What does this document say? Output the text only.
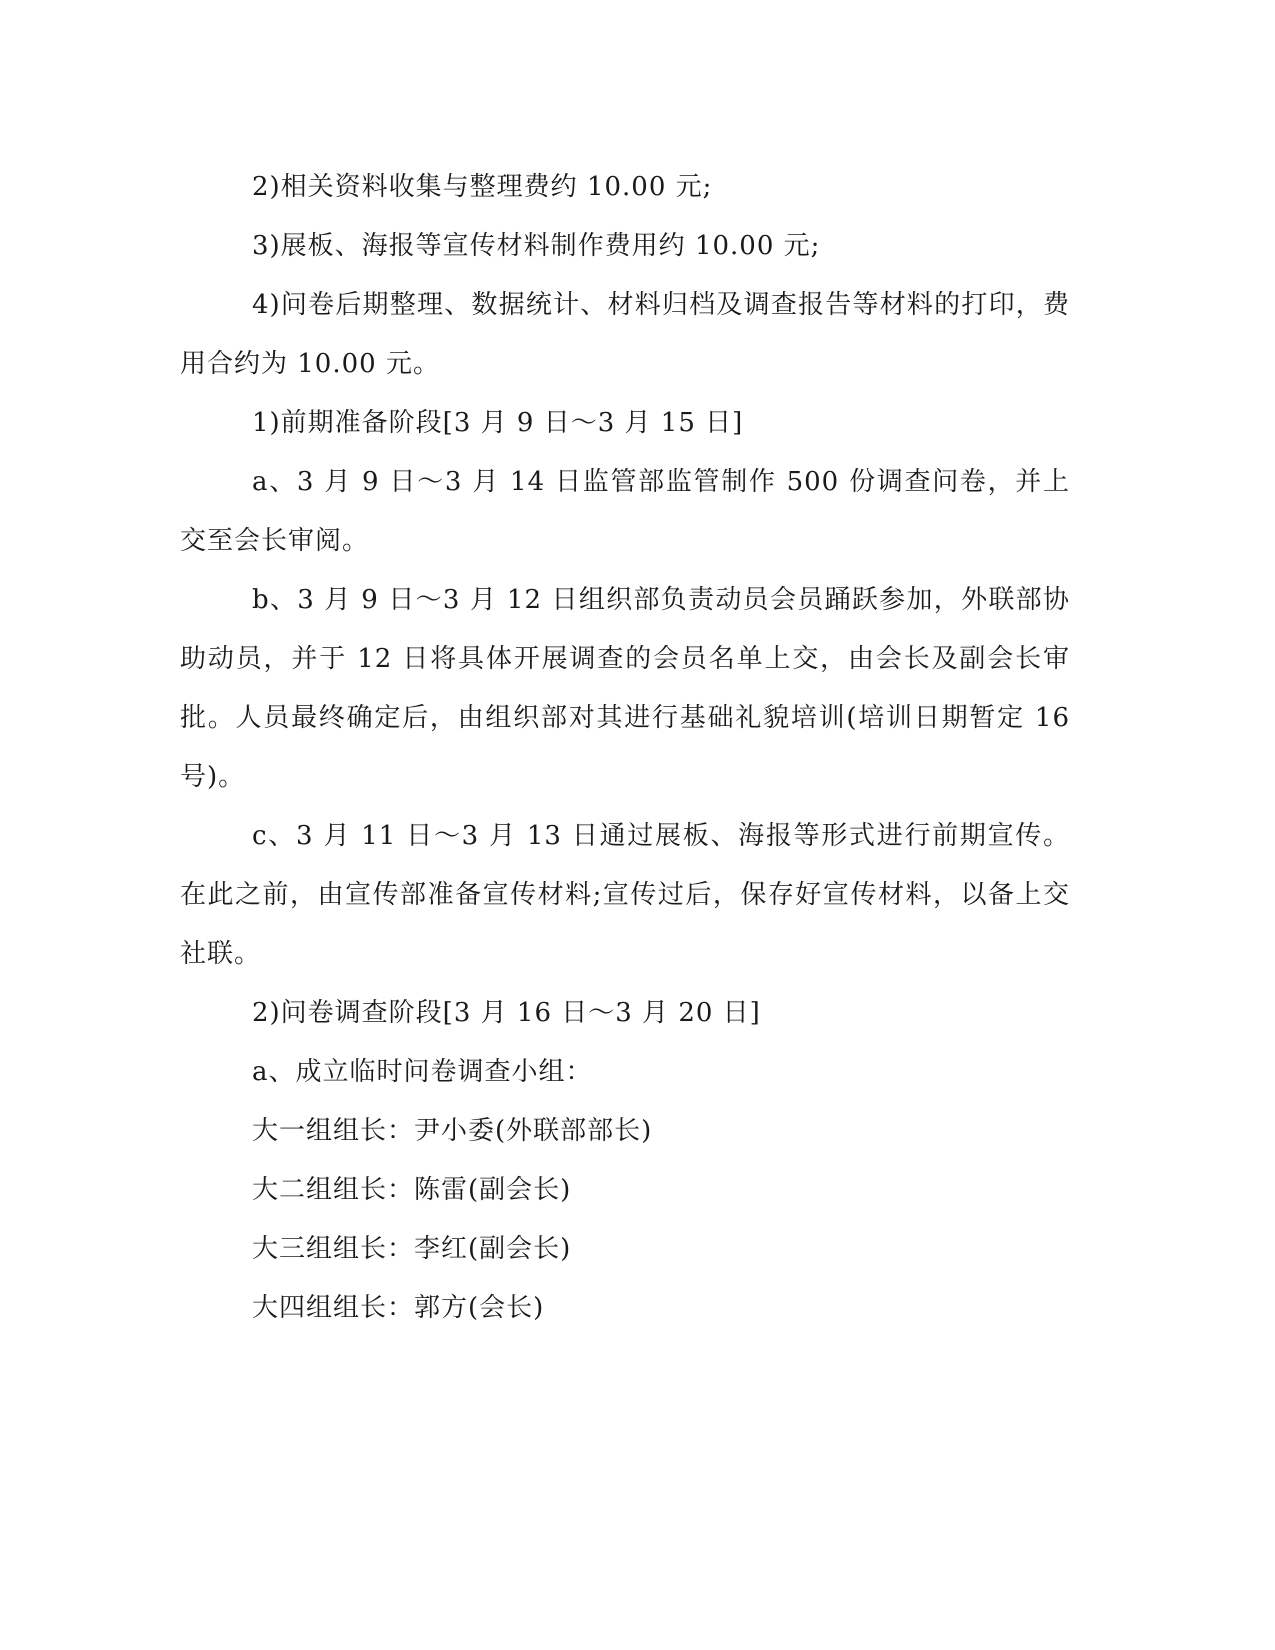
2)相关资料收集与整理费约 10.00 元;

3)展板、海报等宣传材料制作费用约 10.00 元;

4)问卷后期整理、数据统计、材料归档及调查报告等材料的打印，费用合约为 10.00 元。

1)前期准备阶段[3 月 9 日～3 月 15 日]

a、3 月 9 日～3 月 14 日监管部监管制作 500 份调查问卷，并上交至会长审阅。

b、3 月 9 日～3 月 12 日组织部负责动员会员踊跃参加，外联部协助动员，并于 12 日将具体开展调查的会员名单上交，由会长及副会长审批。人员最终确定后，由组织部对其进行基础礼貌培训(培训日期暂定 16 号)。

c、3 月 11 日～3 月 13 日通过展板、海报等形式进行前期宣传。在此之前，由宣传部准备宣传材料;宣传过后，保存好宣传材料，以备上交社联。

2)问卷调查阶段[3 月 16 日～3 月 20 日]

a、成立临时问卷调查小组：

大一组组长：尹小委(外联部部长)

大二组组长：陈雷(副会长)

大三组组长：李红(副会长)

大四组组长：郭方(会长)
